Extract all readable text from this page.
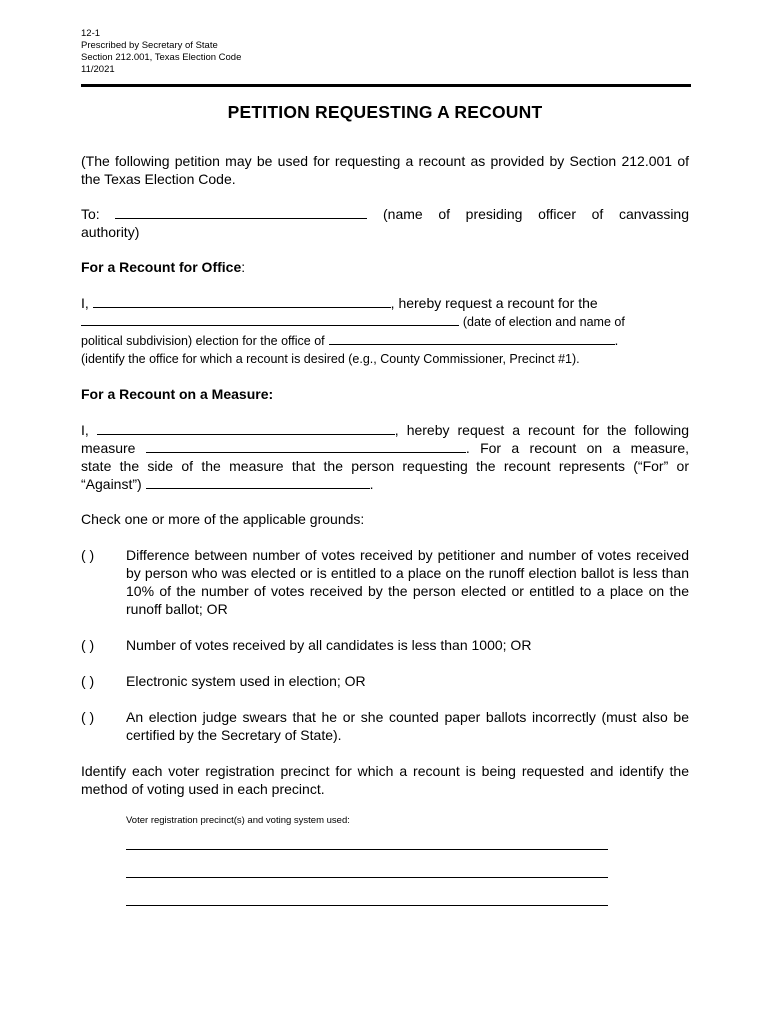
12-1
Prescribed by Secretary of State
Section 212.001, Texas Election Code
11/2021
PETITION REQUESTING A RECOUNT
(The following petition may be used for requesting a recount as provided by Section 212.001 of the Texas Election Code.
To:	(name of presiding officer of canvassing
authority)
For a Recount for Office:
I,	, hereby request a recount for the
(date of election and name of
political subdivision) election for the office of	.
(identify the office for which a recount is desired (e.g., County Commissioner, Precinct #1).
For a Recount on a Measure:
I,	, hereby request a recount for the following
measure	. For a recount on a measure,
state the side of the measure that the person requesting the recount represents (“For” or
“Against”)	.
Check one or more of the applicable grounds:
( )	Difference between number of votes received by petitioner and number of votes received by person who was elected or is entitled to a place on the runoff election ballot is less than 10% of the number of votes received by the person elected or entitled to a place on the runoff ballot; OR
( )	Number of votes received by all candidates is less than 1000; OR
( )	Electronic system used in election; OR
( )	An election judge swears that he or she counted paper ballots incorrectly (must also be certified by the Secretary of State).
Identify each voter registration precinct for which a recount is being requested and identify the method of voting used in each precinct.
Voter registration precinct(s) and voting system used:
